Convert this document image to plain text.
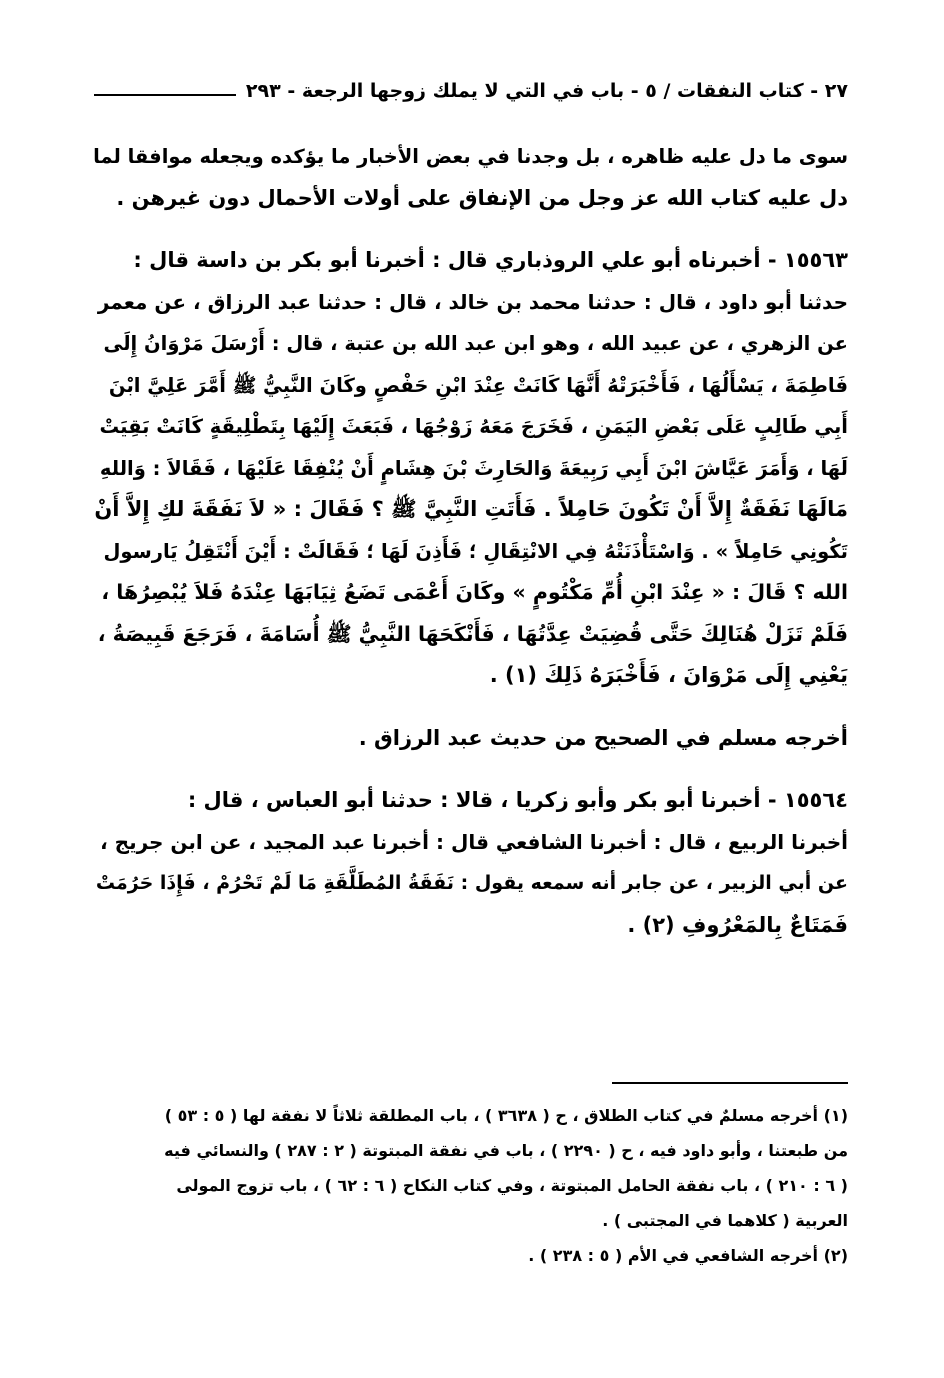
٢٧ - كتاب النفقات / ٥ - باب في التي لا يملك زوجها الرجعة - ٢٩٣

سوى ما دل عليه ظاهره ، بل وجدنا في بعض الأخبار ما يؤكده ويجعله موافقا لما
دل عليه كتاب الله عز وجل من الإنفاق على أولات الأحمال دون غيرهن .

١٥٥٦٣ - أخبرناه أبو علي الروذباري قال : أخبرنا أبو بكر بن داسة قال :
حدثنا أبو داود ، قال : حدثنا محمد بن خالد ، قال : حدثنا عبد الرزاق ، عن معمر
عن الزهري ، عن عبيد الله ، وهو ابن عبد الله بن عتبة ، قال : أَرْسَلَ مَرْوَانُ إِلَى
فَاطِمَةَ ، يَسْأَلُهَا ، فَأَخْبَرَتْهُ أَنَّهَا كَانَتْ عِنْدَ ابْنِ حَفْصٍ وكَانَ النَّبِيُّ ﷺ أَمَّرَ عَلِيَّ ابْنَ
أَبِي طَالِبٍ عَلَى بَعْضِ اليَمَنِ ، فَخَرَجَ مَعَهُ زَوْجُهَا ، فَبَعَثَ إِلَيْهَا بِتَطْلِيقَةٍ كَانَتْ بَقِيَتْ
لَهَا ، وَأَمَرَ عَيَّاشَ ابْنَ أَبِي رَبِيعَةَ وَالحَارِثَ بْنَ هِشَامٍ أَنْ يُنْفِقَا عَلَيْهَا ، فَقَالاَ : وَاللهِ
مَالَهَا نَفَقَةٌ إِلاَّ أَنْ تَكُونَ حَامِلاً . فَأَتَتِ النَّبِيَّ ﷺ ؟ فَقَالَ : « لاَ نَفَقَةَ لكِ إِلاَّ أَنْ
تَكُونِي حَامِلاً » . وَاسْتَأْذَنَتْهُ فِي الانْتِقَالِ ؛ فَأَذِنَ لَهَا ؛ فَقَالَتْ : أَيْنَ أَنْتَقِلُ يَارسول
الله ؟ قَالَ : « عِنْدَ ابْنِ أُمِّ مَكْتُومٍ » وكَانَ أَعْمَى تَضَعُ ثِيَابَهَا عِنْدَهُ فَلاَ يُبْصِرُهَا ،
فَلَمْ تَزَلْ هُنَالِكَ حَتَّى قُضِيَتْ عِدَّتُهَا ، فَأَنْكَحَهَا النَّبِيُّ ﷺ أُسَامَةَ ، فَرَجَعَ قَبِيصَةُ ،
يَعْنِي إِلَى مَرْوَانَ ، فَأَخْبَرَهُ ذَلِكَ (١) .

أخرجه مسلم في الصحيح من حديث عبد الرزاق .

١٥٥٦٤ - أخبرنا أبو بكر وأبو زكريا ، قالا : حدثنا أبو العباس ، قال :
أخبرنا الربيع ، قال : أخبرنا الشافعي قال : أخبرنا عبد المجيد ، عن ابن جريج ،
عن أبي الزبير ، عن جابر أنه سمعه يقول : نَفَقَةُ المُطَلَّقَةِ مَا لَمْ تَحْرُمْ ، فَإِذَا حَرُمَتْ
فَمَتَاعٌ بِالمَعْرُوفِ (٢) .

(١) أخرجه مسلمٌ في كتاب الطلاق ، ح ( ٣٦٣٨ ) ، باب المطلقة ثلاثاً لا نفقة لها ( ٥ : ٥٣ )
من طبعتنا ، وأبو داود فيه ، ح ( ٢٢٩٠ ) ، باب في نفقة المبتوتة ( ٢ : ٢٨٧ ) والنسائي فيه
( ٦ : ٢١٠ ) ، باب نفقة الحامل المبتوتة ، وفي كتاب النكاح ( ٦ : ٦٢ ) ، باب تزوج المولى
العربية ( كلاهما في المجتبى ) .
(٢) أخرجه الشافعي في الأم ( ٥ : ٢٣٨ ) .
